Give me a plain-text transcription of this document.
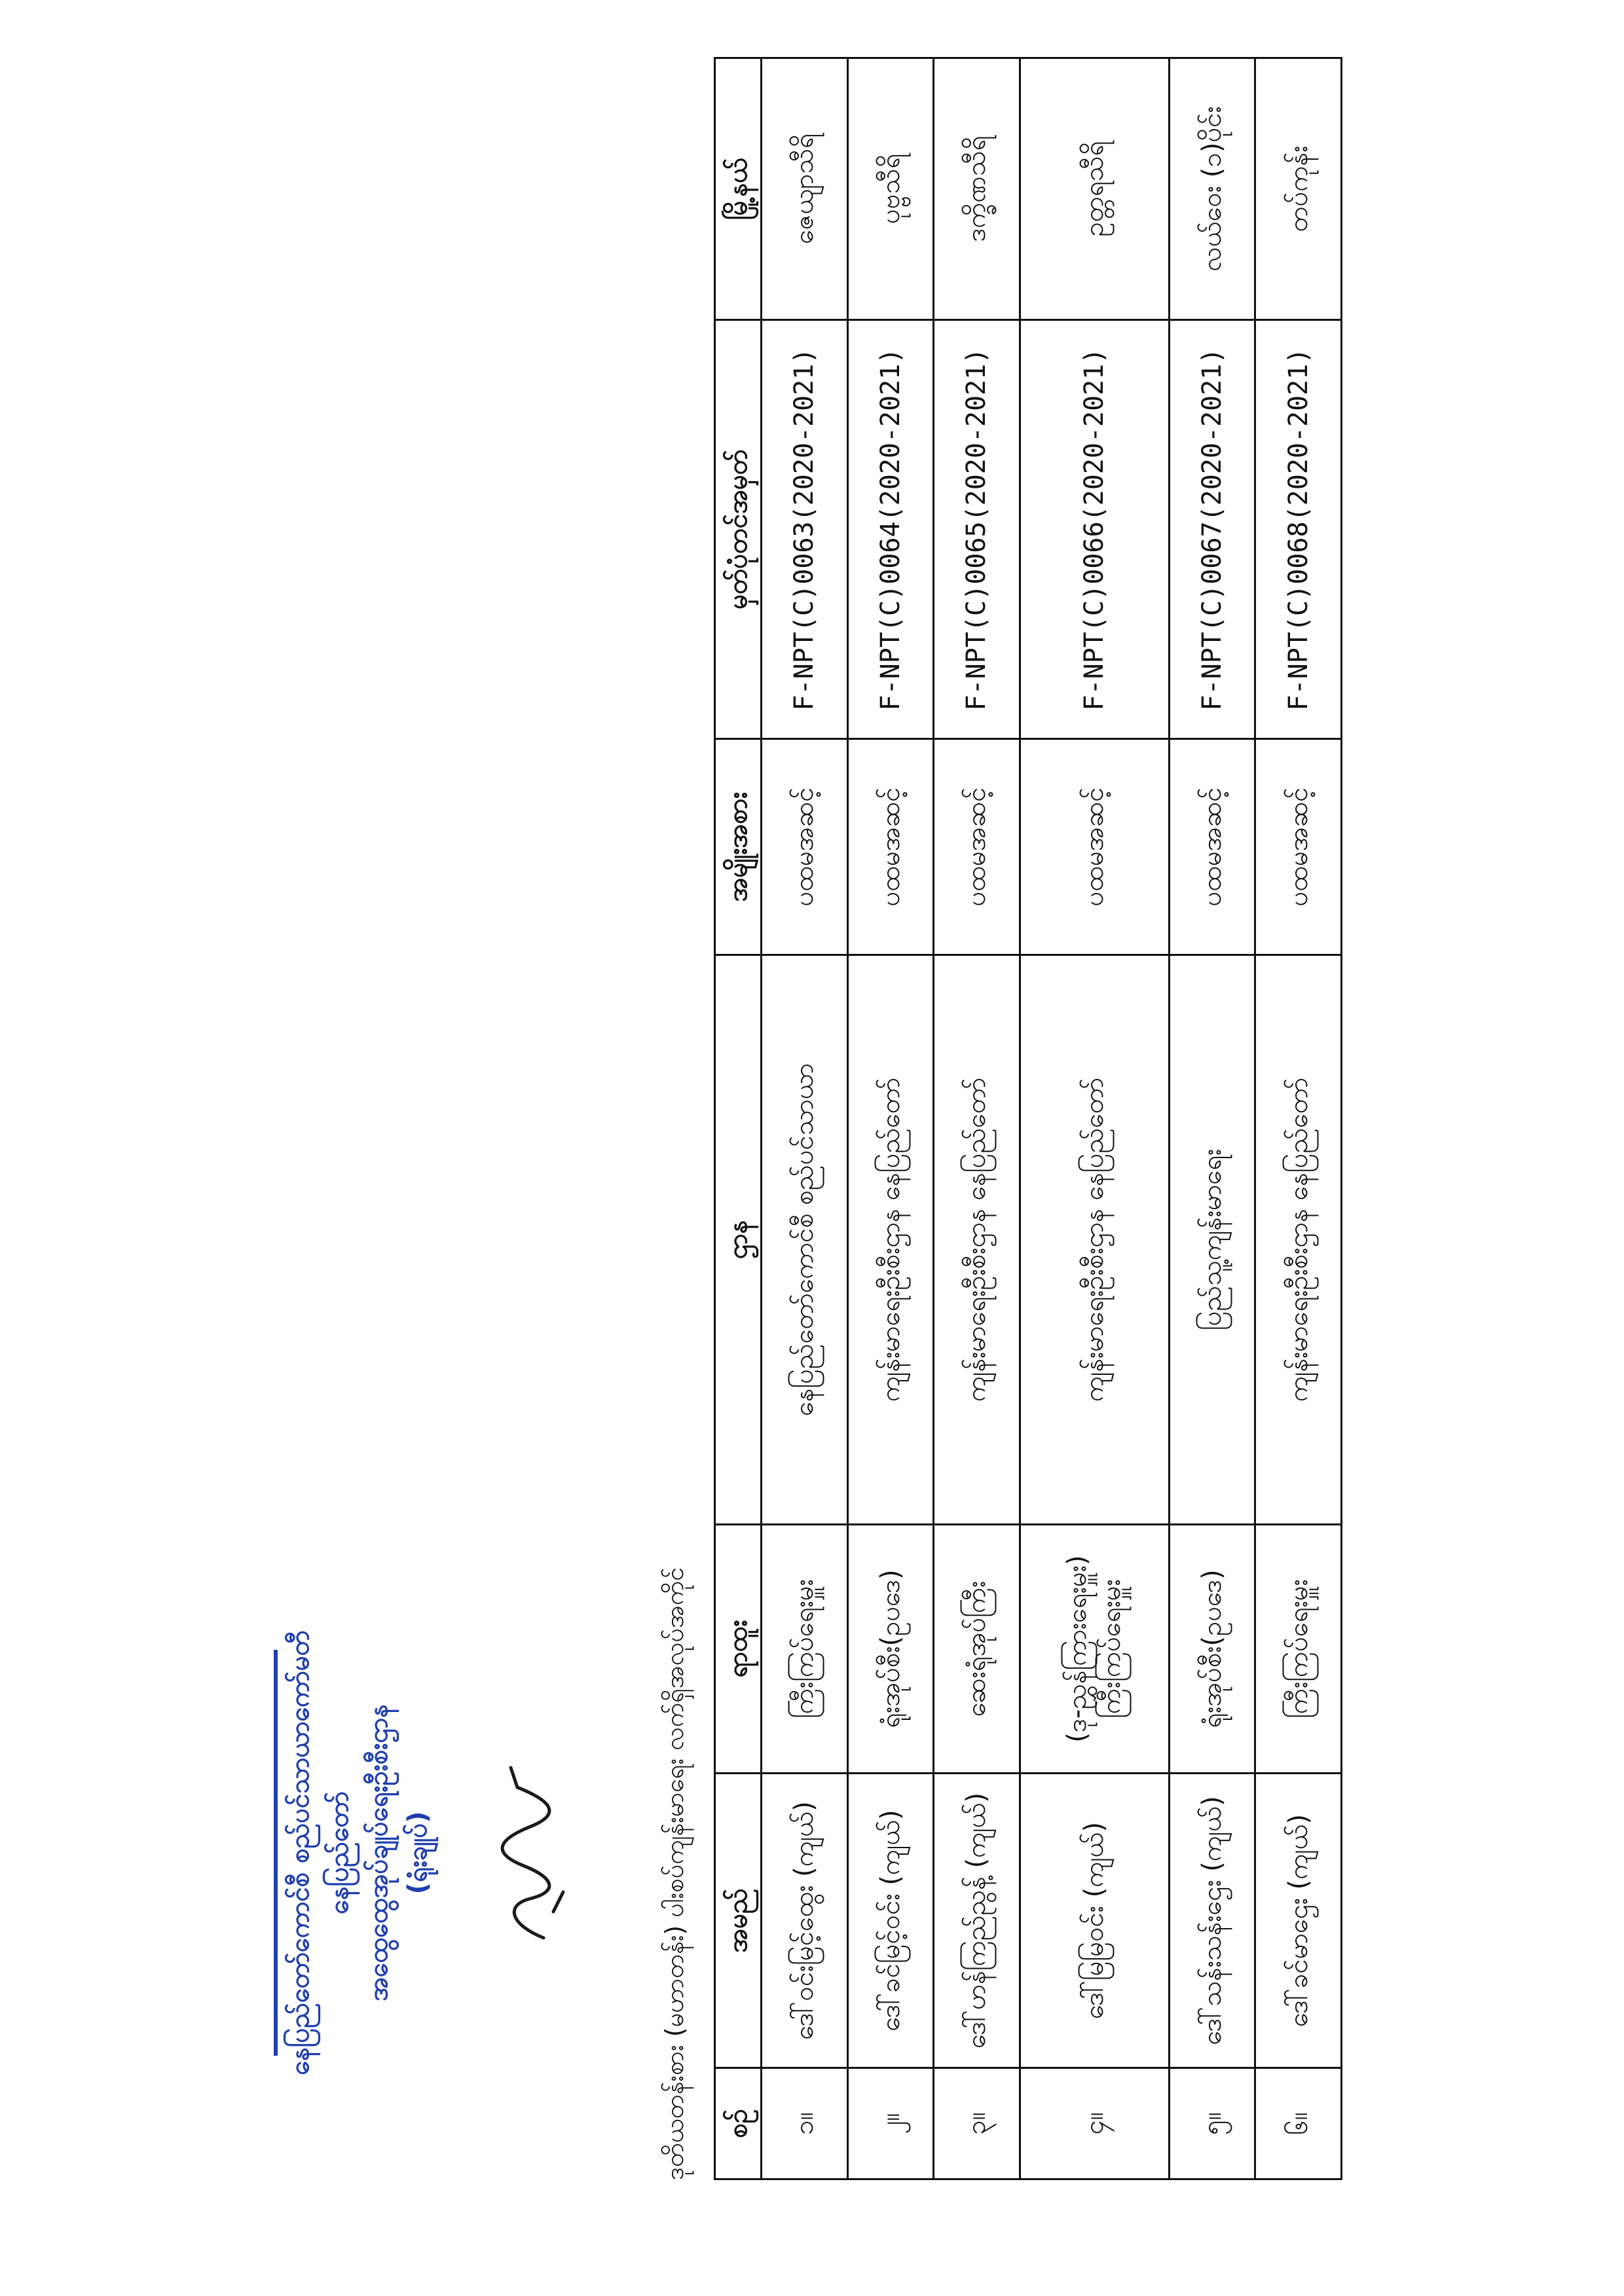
ဒုတိယတန်းစား (မဟာတန်း) ပါးစပ်ကျန်းမာရေး လက်ရှိအလုပ်အကိုင် စဉ်	အမည်	ရာထူး	ဌာန	အမျိုးအစား	မှတ်ပုံတင်အမှတ်	မြို့နယ်
၁။	ဒေါ်ဝင်းမြင့်ထွေး (ကျယ်)	ကြီးကြပ်ရေးမှူး	နေပြည်တော်ကောင်စီ စည်ပင်သာယာ	ပထမအဆင့်	F-NPT(C)0063(2020-2021)	ဇေယျာသီရိ
၂။	ဒေါ်ခင်မြင့်ဝင်း (ကျယ်)	ရုံးအုပ်စီး(ဥပဒေ)	ကျန်းမာရေးဦးစီးဌာန နေပြည်တော်	ပထမအဆင့်	F-NPT(C)0064(2020-2021)	ပုဗ္ဗသီရိ
၃။	ဒေါ်ဟန်ကြည်ညွန့် (ကျယ်)	ဆေးရုံအုပ်ကြီး	ကျန်းမာရေးဦးစီးဌာန နေပြည်တော်	ပထမအဆင့်	F-NPT(C)0065(2020-2021)	ဒက္ခိဏသီရိ
၄။	ဒေါ်မြမြဝင်း (ကျယ်)	(ဒု-ညွှန်ကြားရေးမှူး) ကြီးကြပ်ရေးမှူး	ကျန်းမာရေးဦးစီးဌာန နေပြည်တော်	ပထမအဆင့်	F-NPT(C)0066(2020-2021)	ဥတ္တရသီရိ
၅။	ဒေါ်သန်းသန်းဌေး (ကျယ်)	ရုံးအုပ်စီး(ဥပဒေ)	ပြည်သူ့ကျန်းမာရေး	ပထမအဆင့်	F-NPT(C)0067(2020-2021)	လယ်ဝေး (၁)ပိုင်း
၆။	ဒေါ်ခင်မာဌေး (ကျယ်)	ကြီးကြပ်ရေးမှူး	ကျန်းမာရေးဦးစီးဌာန နေပြည်တော်	ပထမအဆင့်	F-NPT(C)0068(2020-2021)	တပ်ကုန်း
နေပြည်တော်ကောင်စီ စည်ပင်သာယာကော်မတီ နေပြည်တော် အထွေထွေအုပ်ချုပ်ရေးဦးစီးဌာန (ရုံးချုပ်)
